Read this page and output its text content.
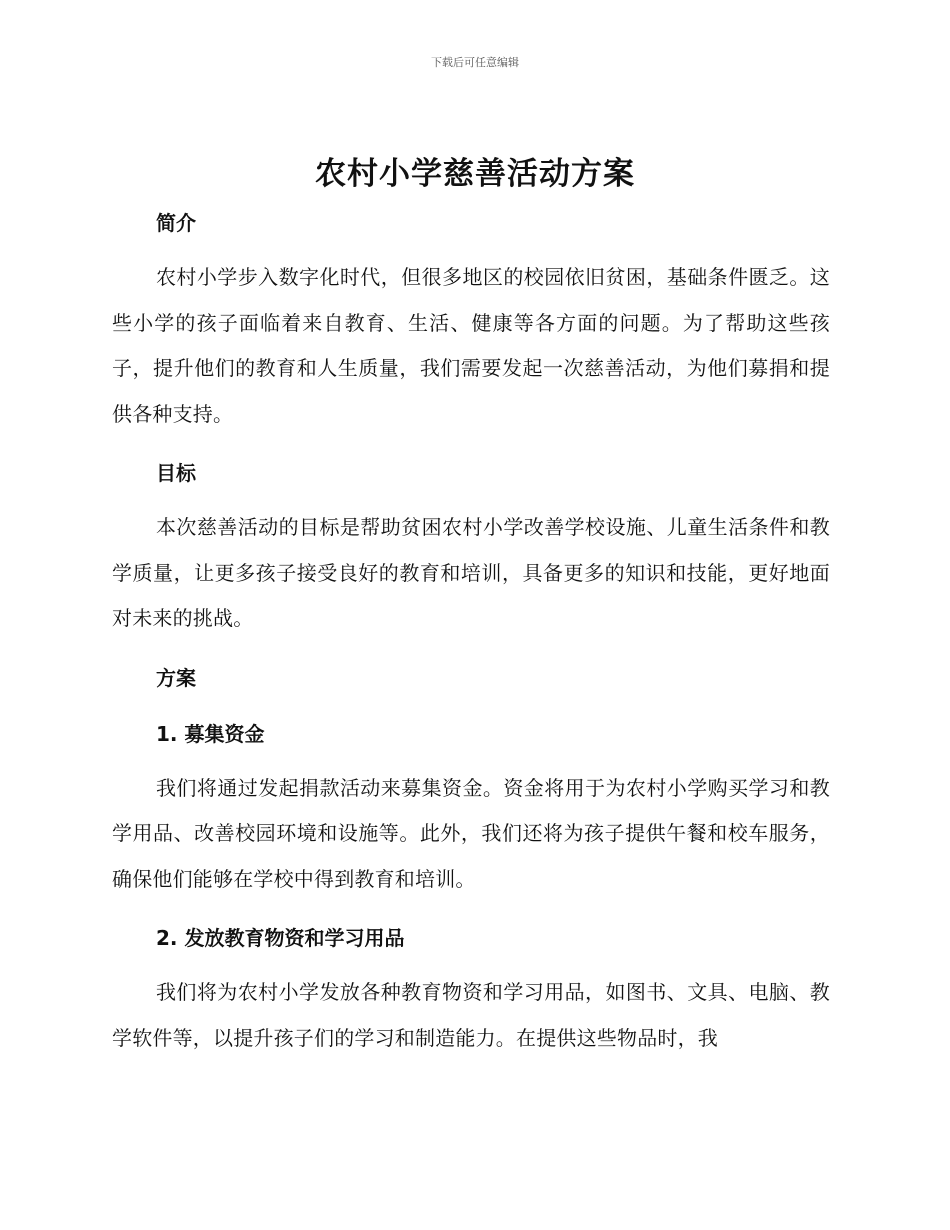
下载后可任意编辑
农村小学慈善活动方案
简介

农村小学步入数字化时代，但很多地区的校园依旧贫困，基础条件匮乏。这些小学的孩子面临着来自教育、生活、健康等各方面的问题。为了帮助这些孩子，提升他们的教育和人生质量，我们需要发起一次慈善活动，为他们募捐和提供各种支持。

目标

本次慈善活动的目标是帮助贫困农村小学改善学校设施、儿童生活条件和教学质量，让更多孩子接受良好的教育和培训，具备更多的知识和技能，更好地面对未来的挑战。

方案
1. 募集资金

我们将通过发起捐款活动来募集资金。资金将用于为农村小学购买学习和教学用品、改善校园环境和设施等。此外，我们还将为孩子提供午餐和校车服务，确保他们能够在学校中得到教育和培训。

2. 发放教育物资和学习用品

我们将为农村小学发放各种教育物资和学习用品，如图书、文具、电脑、教学软件等，以提升孩子们的学习和制造能力。在提供这些物品时，我
